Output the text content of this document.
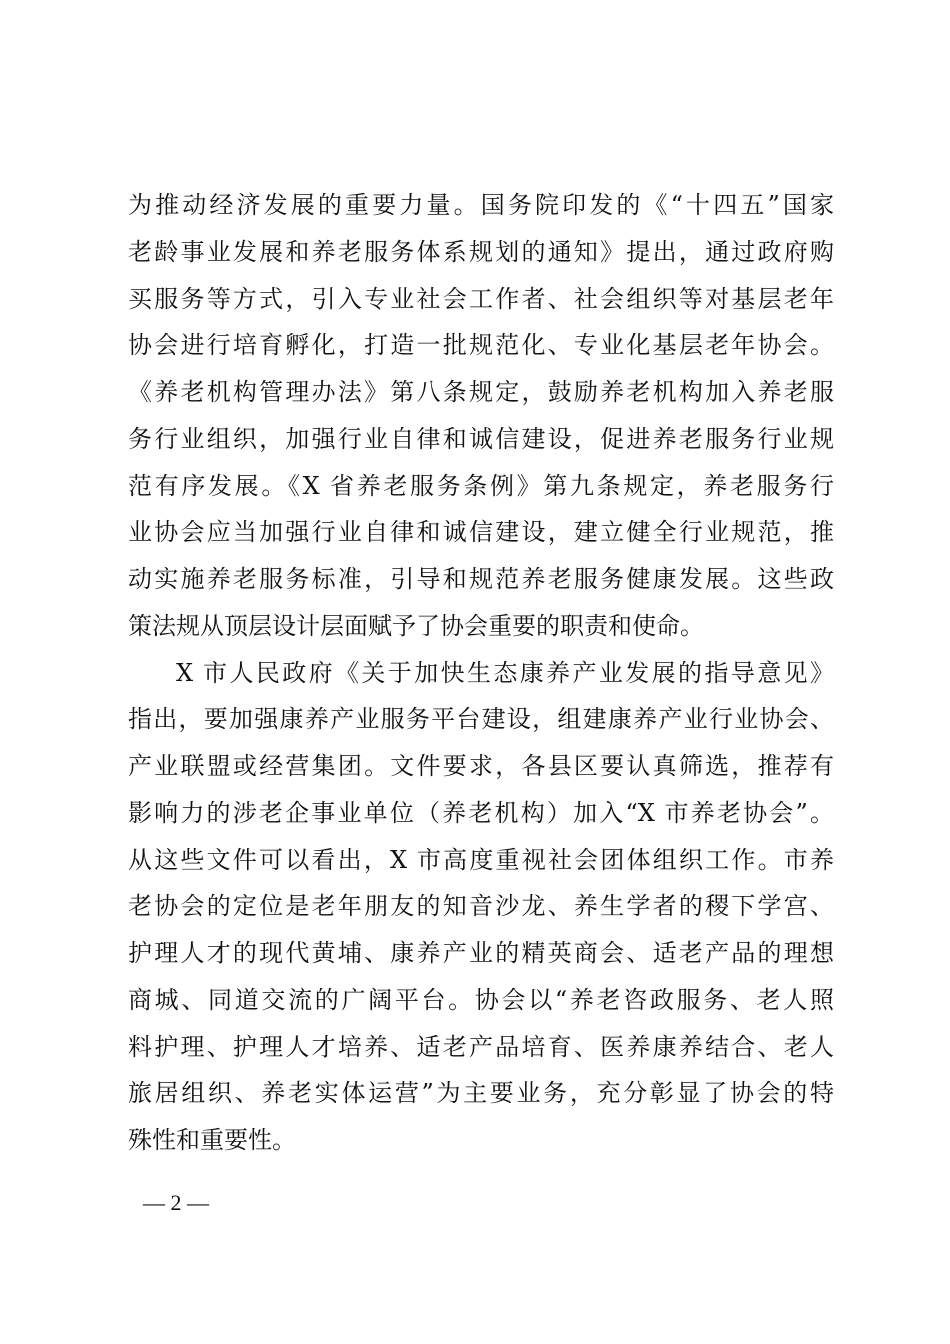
为推动经济发展的重要力量。国务院印发的《“十四五”国家
老龄事业发展和养老服务体系规划的通知》提出，通过政府购
买服务等方式，引入专业社会工作者、社会组织等对基层老年
协会进行培育孵化，打造一批规范化、专业化基层老年协会。
《养老机构管理办法》第八条规定，鼓励养老机构加入养老服
务行业组织，加强行业自律和诚信建设，促进养老服务行业规
范有序发展。《X 省养老服务条例》第九条规定，养老服务行
业协会应当加强行业自律和诚信建设，建立健全行业规范，推
动实施养老服务标准，引导和规范养老服务健康发展。这些政
策法规从顶层设计层面赋予了协会重要的职责和使命。
X 市人民政府《关于加快生态康养产业发展的指导意见》
指出，要加强康养产业服务平台建设，组建康养产业行业协会、
产业联盟或经营集团。文件要求，各县区要认真筛选，推荐有
影响力的涉老企事业单位（养老机构）加入“X 市养老协会”。
从这些文件可以看出，X 市高度重视社会团体组织工作。市养
老协会的定位是老年朋友的知音沙龙、养生学者的稷下学宫、
护理人才的现代黄埔、康养产业的精英商会、适老产品的理想
商城、同道交流的广阔平台。协会以“养老咨政服务、老人照
料护理、护理人才培养、适老产品培育、医养康养结合、老人
旅居组织、养老实体运营”为主要业务，充分彰显了协会的特
殊性和重要性。
— 2 —
